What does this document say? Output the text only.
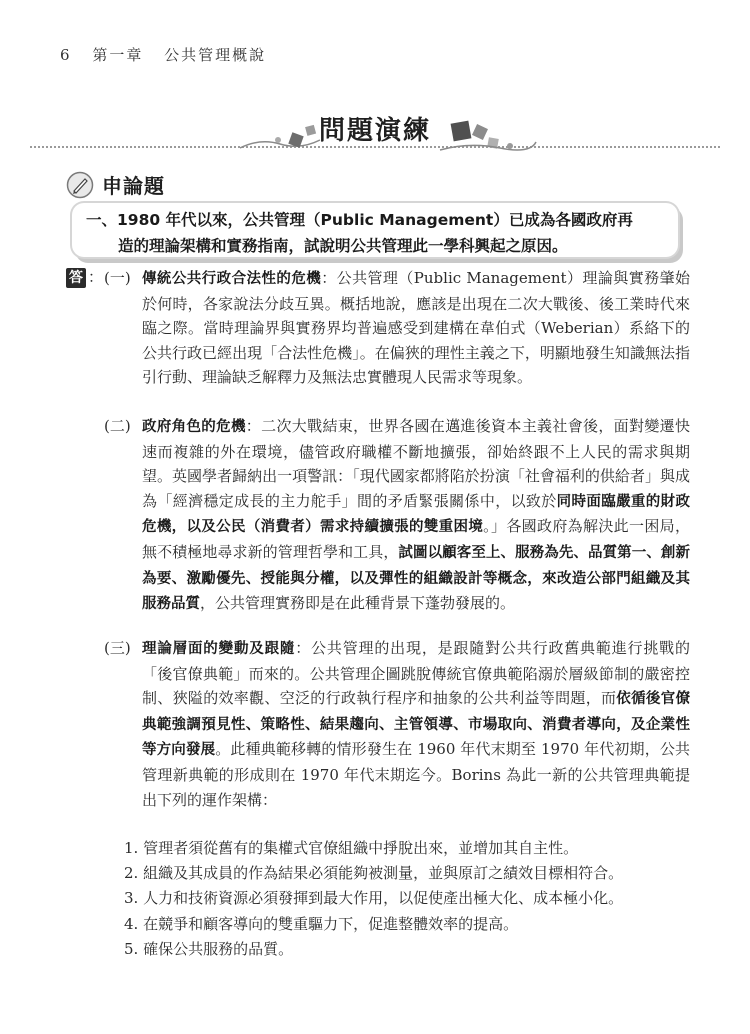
6 第一章 公共管理概說
問題演練
申論題
一、1980 年代以來，公共管理（Public Management）已成為各國政府再
造的理論架構和實務指南，試說明公共管理此一學科興起之原因。
答 ： (一) 傳統公共行政合法性的危機：公共管理（Public Management）理論與實務肇始於何時，各家說法分歧互異。概括地說，應該是出現在二次大戰後、後工業時代來臨之際。當時理論界與實務界均普遍感受到建構在韋伯式（Weberian）系絡下的公共行政已經出現「合法性危機」。在偏狹的理性主義之下，明顯地發生知識無法指引行動、理論缺乏解釋力及無法忠實體現人民需求等現象。
(二) 政府角色的危機：二次大戰結束，世界各國在邁進後資本主義社會後，面對變遷快速而複雜的外在環境，儘管政府職權不斷地擴張，卻始終跟不上人民的需求與期望。英國學者歸納出一項警訊：「現代國家都將陷於扮演「社會福利的供給者」與成為「經濟穩定成長的主力舵手」間的矛盾緊張關係中，以致於同時面臨嚴重的財政危機，以及公民（消費者）需求持續擴張的雙重困境。」各國政府為解決此一困局，無不積極地尋求新的管理哲學和工具，試圖以顧客至上、服務為先、品質第一、創新為要、激勵優先、授能與分權，以及彈性的組織設計等概念，來改造公部門組織及其服務品質，公共管理實務即是在此種背景下蓬勃發展的。
(三) 理論層面的變動及跟隨：公共管理的出現，是跟隨對公共行政舊典範進行挑戰的「後官僚典範」而來的。公共管理企圖跳脫傳統官僚典範陷溺於層級節制的嚴密控制、狹隘的效率觀、空泛的行政執行程序和抽象的公共利益等問題，而依循後官僚典範強調預見性、策略性、結果趨向、主管領導、市場取向、消費者導向，及企業性等方向發展。此種典範移轉的情形發生在 1960 年代末期至 1970 年代初期，公共管理新典範的形成則在 1970 年代末期迄今。Borins 為此一新的公共管理典範提出下列的運作架構：
1. 管理者須從舊有的集權式官僚組織中掙脫出來，並增加其自主性。
2. 組織及其成員的作為結果必須能夠被測量，並與原訂之績效目標相符合。
3. 人力和技術資源必須發揮到最大作用，以促使產出極大化、成本極小化。
4. 在競爭和顧客導向的雙重驅力下，促進整體效率的提高。
5. 確保公共服務的品質。
